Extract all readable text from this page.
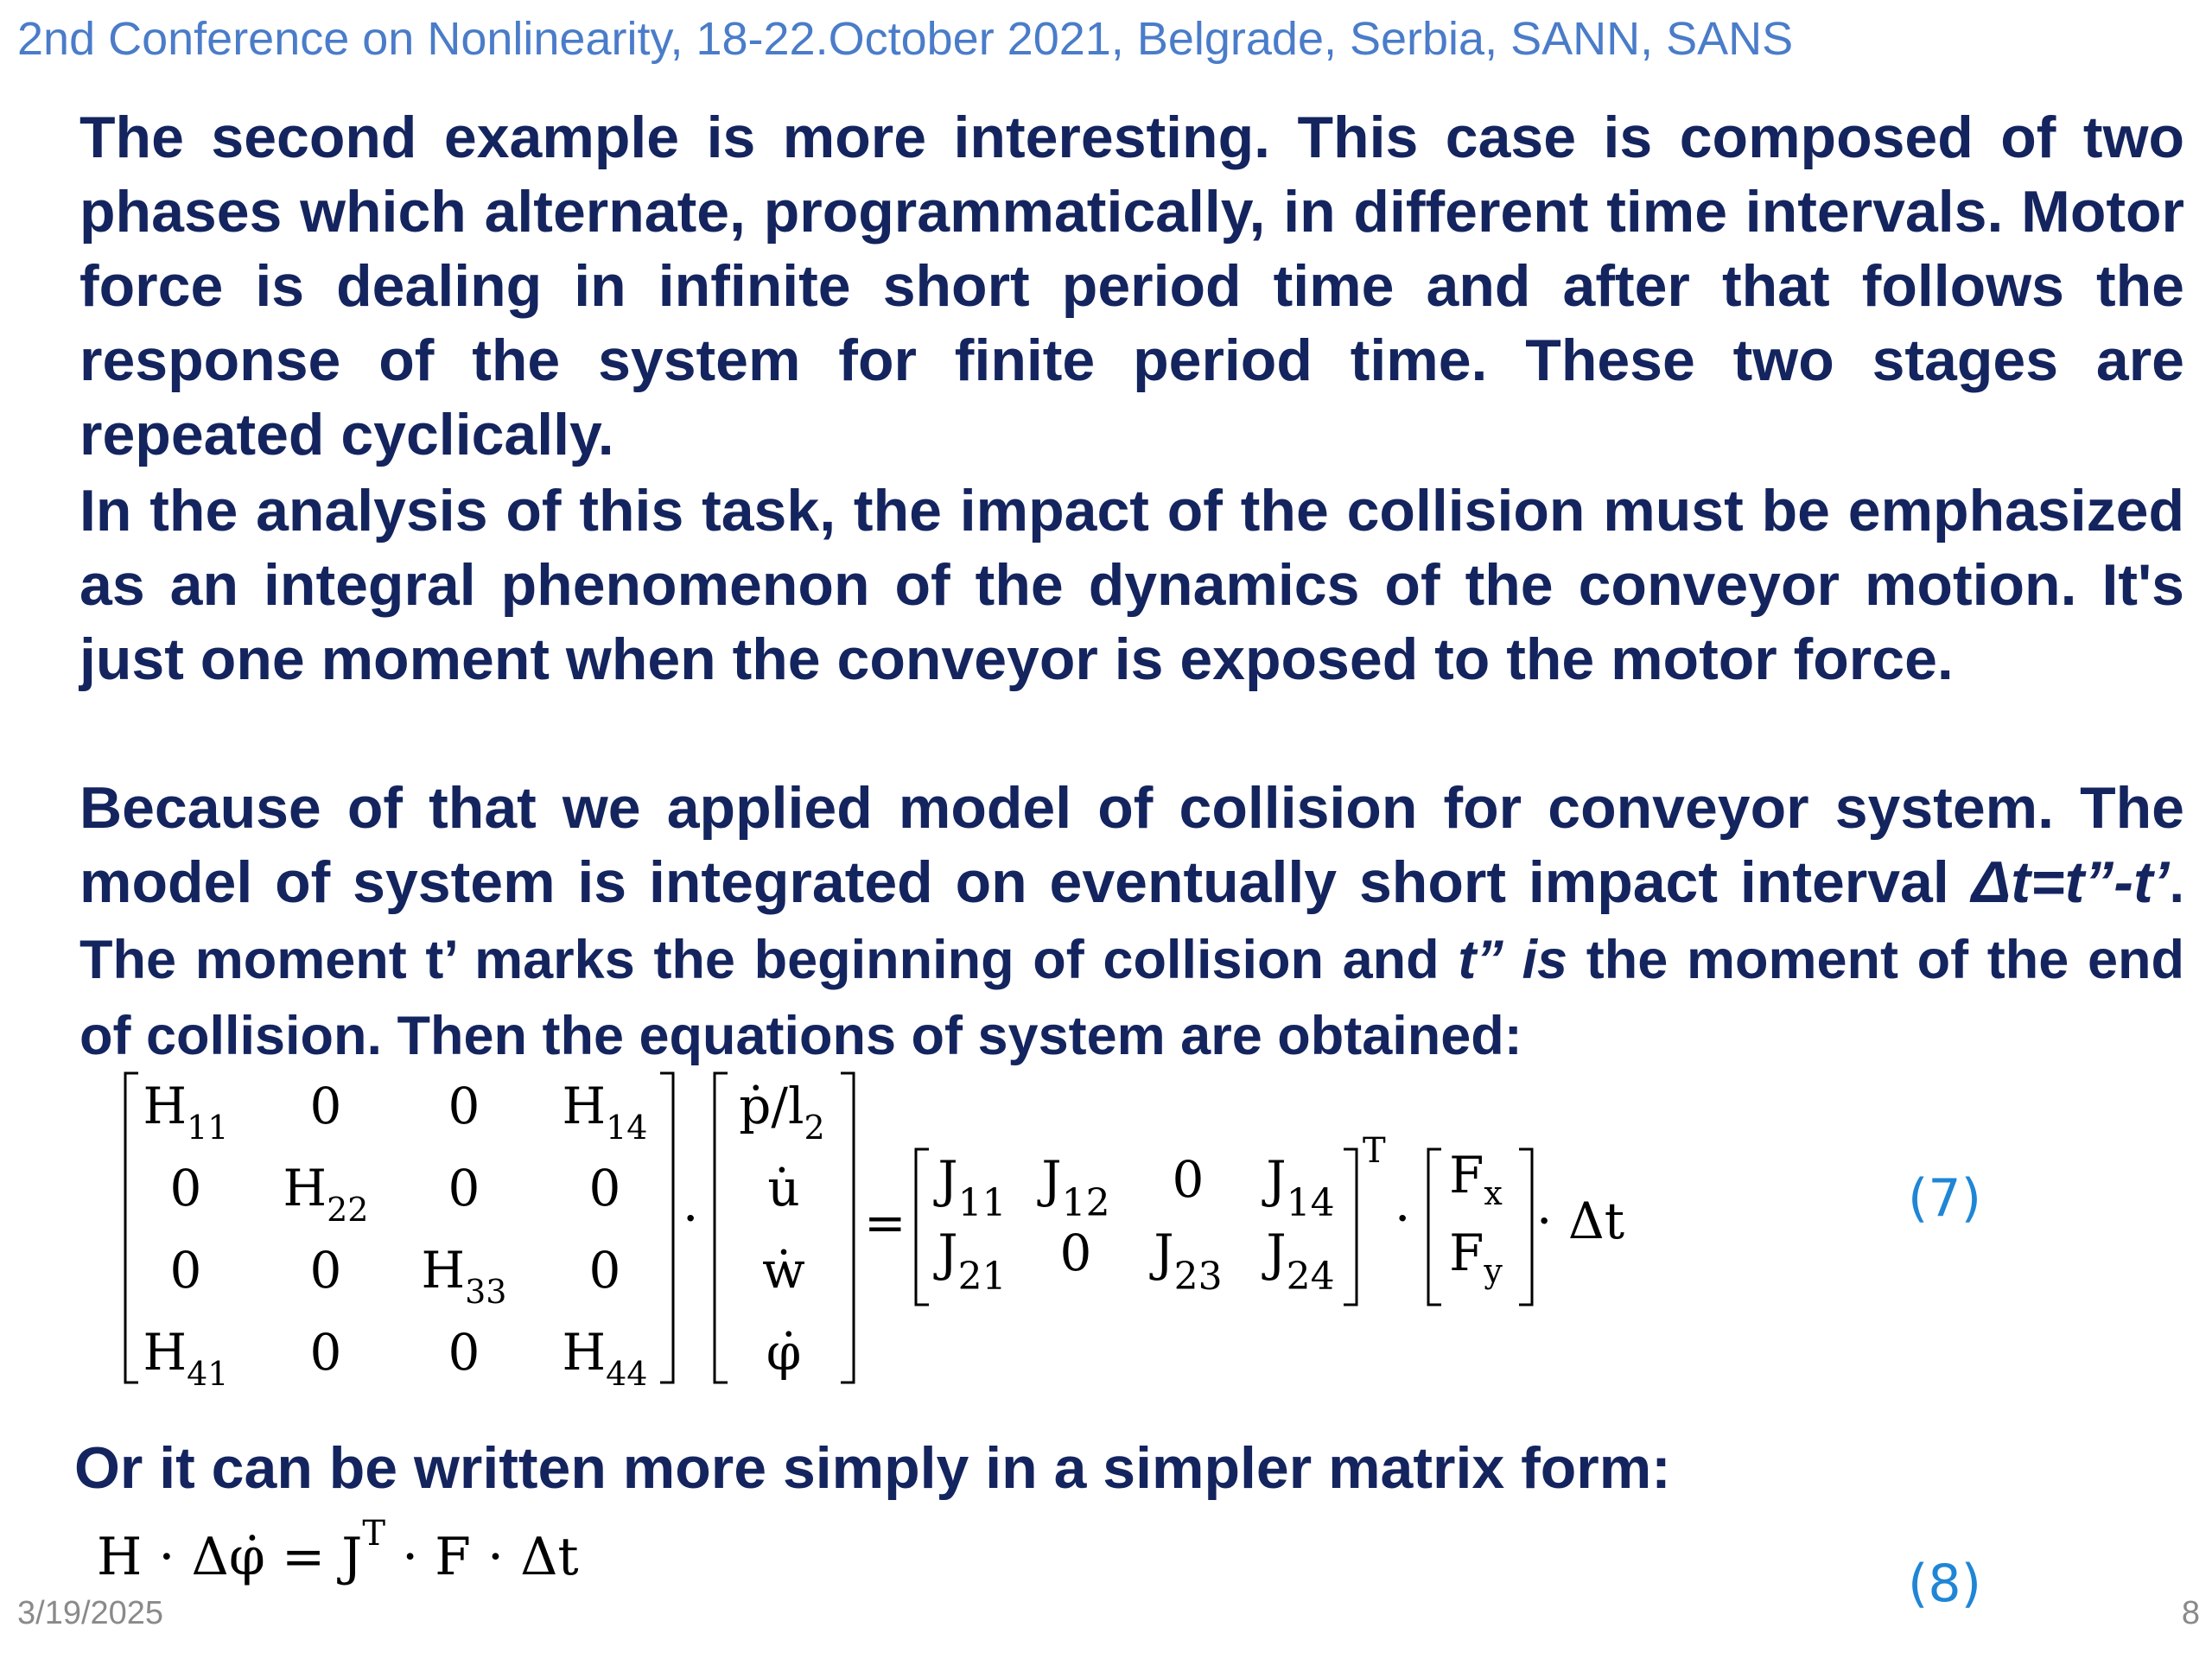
2nd Conference on Nonlinearity, 18-22.October 2021, Belgrade, Serbia, SANN, SANS

The second example is more interesting. This case is composed of two phases which alternate, programmatically, in different time intervals. Motor force is dealing in infinite short period time and after that follows the response of the system for finite period time. These two stages are repeated cyclically.

In the analysis of this task, the impact of the collision must be emphasized as an integral phenomenon of the dynamics of the conveyor motion. It's just one moment when the conveyor is exposed to the motor force.

Because of that we applied model of collision for conveyor system. The model of system is integrated on eventually short impact interval Δt=t”-t’. The moment t’ marks the beginning of collision and t” is the moment of the end of collision. Then the equations of system are obtained:

$H_{11}$ 0 0 $H_{14}$
0 $H_{22}$ 0 0
0 0 $H_{33}$ 0
$H_{41}$ 0 0 $H_{44}$
$ṗ/l_2$
u̇
ẇ
φ̇
$J_{11}$ $J_{12}$ 0 $J_{14}$
$J_{21}$ 0 $J_{23}$ $J_{24}$
$F_x$
$F_y$
·	=
T
·	· Δt	(7)
Or it can be written more simply in a simpler matrix form:
H · Δφ̇ = $J^T \cdot F \cdot \Delta t$	(8)
3/19/2025	8
